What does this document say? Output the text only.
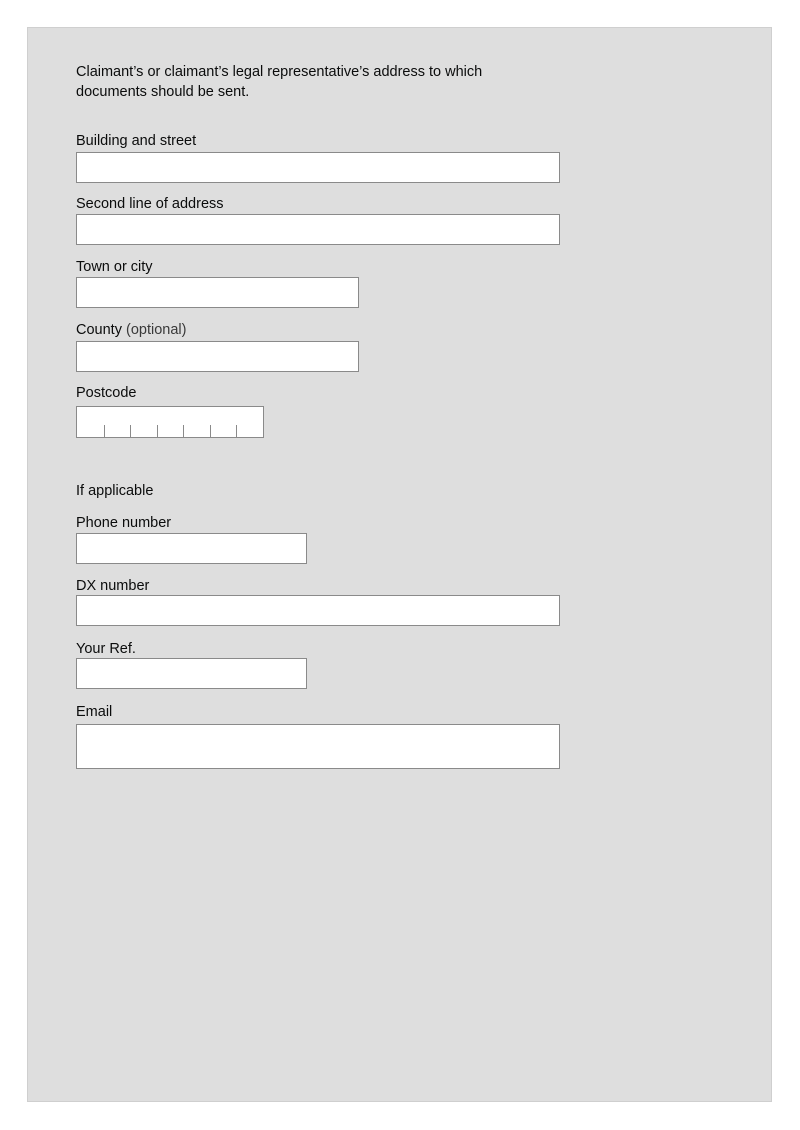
Claimant’s or claimant’s legal representative’s address to which documents should be sent.
Building and street
Second line of address
Town or city
County (optional)
Postcode
If applicable
Phone number
DX number
Your Ref.
Email
